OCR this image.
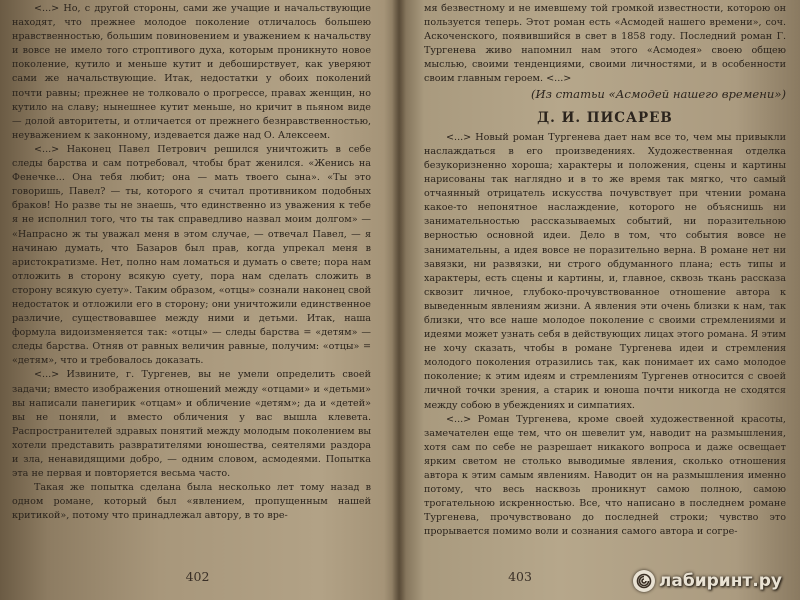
<...> Но, с другой стороны, сами же учащие и начальствующие находят, что прежнее молодое поколение отличалось большею нравственностью, большим повиновением и уважением к начальству и вовсе не имело того строптивого духа, которым проникнуто новое поколение, кутило и меньше кутит и дебоширствует, как уверяют сами же начальствующие. Итак, недостатки у обоих поколений почти равны; прежнее не толковало о прогрессе, правах женщин, но кутило на славу; нынешнее кутит меньше, но кричит в пьяном виде — долой авторитеты, и отличается от прежнего безнравственностью, неуважением к законному, издевается даже над О. Алексеем.

<...> Наконец Павел Петрович решился уничтожить в себе следы барства и сам потребовал, чтобы брат женился. «Женись на Фенечке... Она тебя любит; она — мать твоего сына». «Ты это говоришь, Павел? — ты, которого я считал противником подобных браков! Но разве ты не знаешь, что единственно из уважения к тебе я не исполнил того, что ты так справедливо назвал моим долгом» — «Напрасно ж ты уважал меня в этом случае, — отвечал Павел, — я начинаю думать, что Базаров был прав, когда упрекал меня в аристократизме. Нет, полно нам ломаться и думать о свете; пора нам отложить в сторону всякую суету, пора нам сделать сложить в сторону всякую суету». Таким образом, «отцы» сознали наконец свой недостаток и отложили его в сторону; они уничтожили единственное различие, существовавшее между ними и детьми. Итак, наша формула видоизменяется так: «отцы» — следы барства = «детям» — следы барства. Отняв от равных величин равные, получим: «отцы» = «детям», что и требовалось доказать.

<...> Извините, г. Тургенев, вы не умели определить своей задачи; вместо изображения отношений между «отцами» и «детьми» вы написали панегирик «отцам» и обличение «детям»; да и «детей» вы не поняли, и вместо обличения у вас вышла клевета. Распространителей здравых понятий между молодым поколением вы хотели представить развратителями юношества, сеятелями раздора и зла, ненавидящими добро, — одним словом, асмодеями. Попытка эта не первая и повторяется весьма часто.

Такая же попытка сделана была несколько лет тому назад в одном романе, который был «явлением, пропущенным нашей критикой», потому что принадлежал автору, в то вре-

402

мя безвестному и не имевшему той громкой известности, которою он пользуется теперь. Этот роман есть «Асмодей нашего времени», соч. Аскоченского, появившийся в свет в 1858 году. Последний роман Г. Тургенева живо напомнил нам этого «Асмодея» своею общею мыслью, своими тенденциями, своими личностями, и в особенности своим главным героем. <...>

(Из статьи «Асмодей нашего времени»)

Д. И. ПИСАРЕВ

<...> Новый роман Тургенева дает нам все то, чем мы привыкли наслаждаться в его произведениях. Художественная отделка безукоризненно хороша; характеры и положения, сцены и картины нарисованы так наглядно и в то же время так мягко, что самый отчаянный отрицатель искусства почувствует при чтении романа какое-то непонятное наслаждение, которого не объяснишь ни занимательностью рассказываемых событий, ни поразительною верностью основной идеи. Дело в том, что события вовсе не занимательны, а идея вовсе не поразительно верна. В романе нет ни завязки, ни развязки, ни строго обдуманного плана; есть типы и характеры, есть сцены и картины, и, главное, сквозь ткань рассказа сквозит личное, глубоко-прочувствованное отношение автора к выведенным явлениям жизни. А явления эти очень близки к нам, так близки, что все наше молодое поколение с своими стремлениями и идеями может узнать себя в действующих лицах этого романа. Я этим не хочу сказать, чтобы в романе Тургенева идеи и стремления молодого поколения отразились так, как понимает их само молодое поколение; к этим идеям и стремлениям Тургенев относится с своей личной точки зрения, а старик и юноша почти никогда не сходятся между собою в убеждениях и симпатиях.

<...> Роман Тургенева, кроме своей художественной красоты, замечателен еще тем, что он шевелит ум, наводит на размышления, хотя сам по себе не разрешает никакого вопроса и даже освещает ярким светом не столько выводимые явления, сколько отношения автора к этим самым явлениям. Наводит он на размышления именно потому, что весь насквозь проникнут самою полною, самою трогательною искренностью. Все, что написано в последнем романе Тургенева, прочувствовано до последней строки; чувство это прорывается помимо воли и сознания самого автора и согре-

403	лабиринт.ру
